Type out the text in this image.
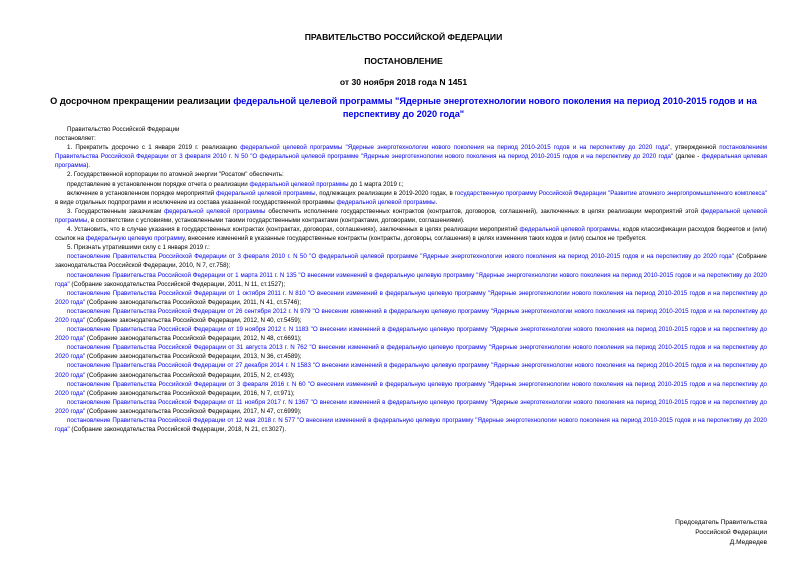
ПРАВИТЕЛЬСТВО РОССИЙСКОЙ ФЕДЕРАЦИИ
ПОСТАНОВЛЕНИЕ
от 30 ноября 2018 года N 1451
О досрочном прекращении реализации федеральной целевой программы "Ядерные энерготехнологии нового поколения на период 2010-2015 годов и на перспективу до 2020 года"

Правительство Российской Федерации

постановляет:

1. Прекратить досрочно с 1 января 2019 г. реализацию федеральной целевой программы "Ядерные энерготехнологии нового поколения на период 2010-2015 годов и на перспективу до 2020 года", утвержденной постановлением Правительства Российской Федерации от 3 февраля 2010 г. N 50 "О федеральной целевой программе "Ядерные энерготехнологии нового поколения на период 2010-2015 годов и на перспективу до 2020 года" (далее - федеральная целевая программа).

2. Государственной корпорации по атомной энергии "Росатом" обеспечить:

представление в установленном порядке отчета о реализации федеральной целевой программы до 1 марта 2019 г.;

включение в установленном порядке мероприятий федеральной целевой программы, подлежащих реализации в 2019-2020 годах, в государственную программу Российской Федерации "Развитие атомного энергопромышленного комплекса" в виде отдельных подпрограмм и исключение из состава указанной государственной программы федеральной целевой программы.

3. Государственным заказчикам федеральной целевой программы обеспечить исполнение государственных контрактов (контрактов, договоров, соглашений), заключенных в целях реализации мероприятий этой федеральной целевой программы, в соответствии с условиями, установленными такими государственными контрактами (контрактами, договорами, соглашениями).

4. Установить, что в случае указания в государственных контрактах (контрактах, договорах, соглашениях), заключенных в целях реализации мероприятий федеральной целевой программы, кодов классификации расходов бюджетов и (или) ссылок на федеральную целевую программу, внесение изменений в указанные государственные контракты (контракты, договоры, соглашения) в целях изменения таких кодов и (или) ссылок не требуется.

5. Признать утратившими силу с 1 января 2019 г.:

постановление Правительства Российской Федерации от 3 февраля 2010 г. N 50 "О федеральной целевой программе "Ядерные энерготехнологии нового поколения на период 2010-2015 годов и на перспективу до 2020 года" (Собрание законодательства Российской Федерации, 2010, N 7, ст.758);

постановление Правительства Российской Федерации от 1 марта 2011 г. N 135 "О внесении изменений в федеральную целевую программу "Ядерные энерготехнологии нового поколения на период 2010-2015 годов и на перспективу до 2020 года" (Собрание законодательства Российской Федерации, 2011, N 11, ст.1527);

постановление Правительства Российской Федерации от 1 октября 2011 г. N 810 "О внесении изменений в федеральную целевую программу "Ядерные энерготехнологии нового поколения на период 2010-2015 годов и на перспективу до 2020 года" (Собрание законодательства Российской Федерации, 2011, N 41, ст.5746);

постановление Правительства Российской Федерации от 26 сентября 2012 г. N 979 "О внесении изменений в федеральную целевую программу "Ядерные энерготехнологии нового поколения на период 2010-2015 годов и на перспективу до 2020 года" (Собрание законодательства Российской Федерации, 2012, N 40, ст.5459);

постановление Правительства Российской Федерации от 19 ноября 2012 г. N 1183 "О внесении изменений в федеральную целевую программу "Ядерные энерготехнологии нового поколения на период 2010-2015 годов и на перспективу до 2020 года" (Собрание законодательства Российской Федерации, 2012, N 48, ст.6691);

постановление Правительства Российской Федерации от 31 августа 2013 г. N 762 "О внесении изменений в федеральную целевую программу "Ядерные энерготехнологии нового поколения на период 2010-2015 годов и на перспективу до 2020 года" (Собрание законодательства Российской Федерации, 2013, N 36, ст.4589);

постановление Правительства Российской Федерации от 27 декабря 2014 г. N 1583 "О внесении изменений в федеральную целевую программу "Ядерные энерготехнологии нового поколения на период 2010-2015 годов и на перспективу до 2020 года" (Собрание законодательства Российской Федерации, 2015, N 2, ст.493);

постановление Правительства Российской Федерации от 3 февраля 2016 г. N 60 "О внесении изменений в федеральную целевую программу "Ядерные энерготехнологии нового поколения на период 2010-2015 годов и на перспективу до 2020 года" (Собрание законодательства Российской Федерации, 2016, N 7, ст.971);

постановление Правительства Российской Федерации от 11 ноября 2017 г. N 1367 "О внесении изменений в федеральную целевую программу "Ядерные энерготехнологии нового поколения на период 2010-2015 годов и на перспективу до 2020 года" (Собрание законодательства Российской Федерации, 2017, N 47, ст.6999);

постановление Правительства Российской Федерации от 12 мая 2018 г. N 577 "О внесении изменений в федеральную целевую программу "Ядерные энерготехнологии нового поколения на период 2010-2015 годов и на перспективу до 2020 года" (Собрание законодательства Российской Федерации, 2018, N 21, ст.3027).

Председатель Правительства
Российской Федерации
Д.Медведев
